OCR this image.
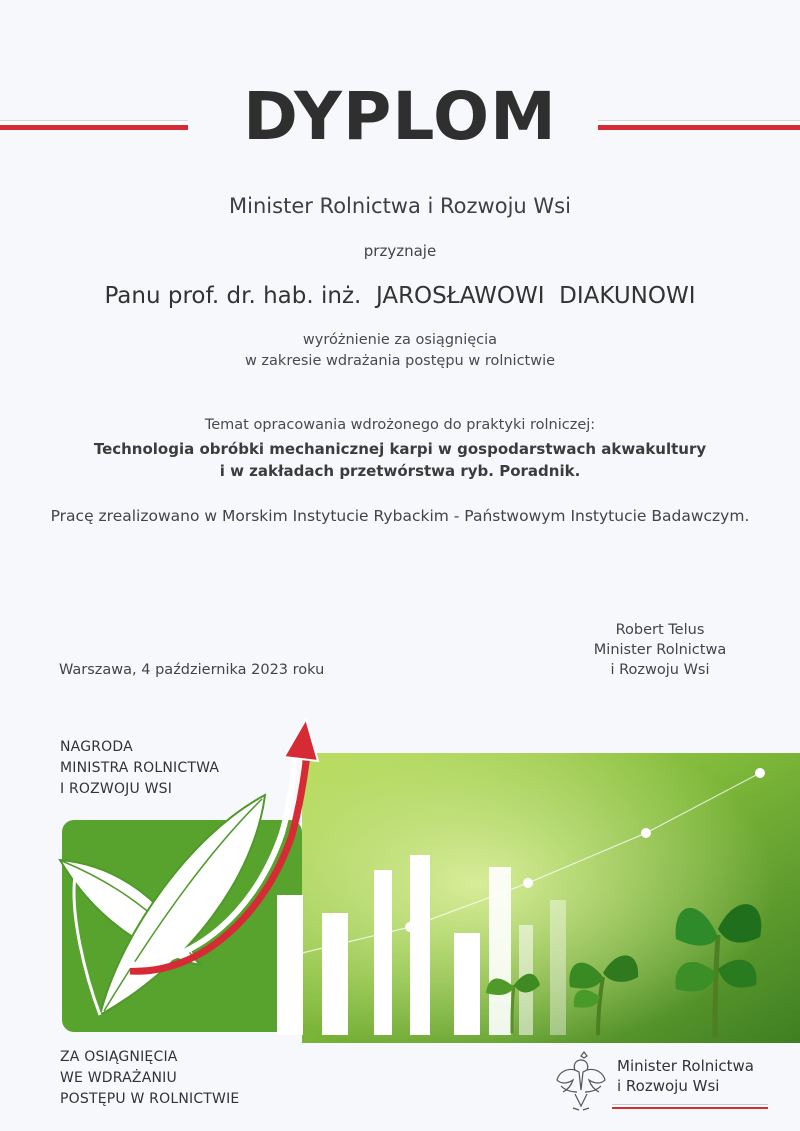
DYPLOM
Minister Rolnictwa i Rozwoju Wsi
przyznaje
Panu prof. dr. hab. inż.  JAROSŁAWOWI  DIAKUNOWI
wyróżnienie za osiągnięcia
w zakresie wdrażania postępu w rolnictwie
Temat opracowania wdrożonego do praktyki rolniczej:
Technologia obróbki mechanicznej karpi w gospodarstwach akwakultury
i w zakładach przetwórstwa ryb. Poradnik.
Pracę zrealizowano w Morskim Instytucie Rybackim - Państwowym Instytucie Badawczym.
Warszawa, 4 października 2023 roku
Robert Telus
Minister Rolnictwa
i Rozwoju Wsi
NAGRODA
MINISTRA ROLNICTWA
I ROZWOJU WSI
ZA OSIĄGNIĘCIA
WE WDRAŻANIU
POSTĘPU W ROLNICTWIE
Minister Rolnictwa
i Rozwoju Wsi
